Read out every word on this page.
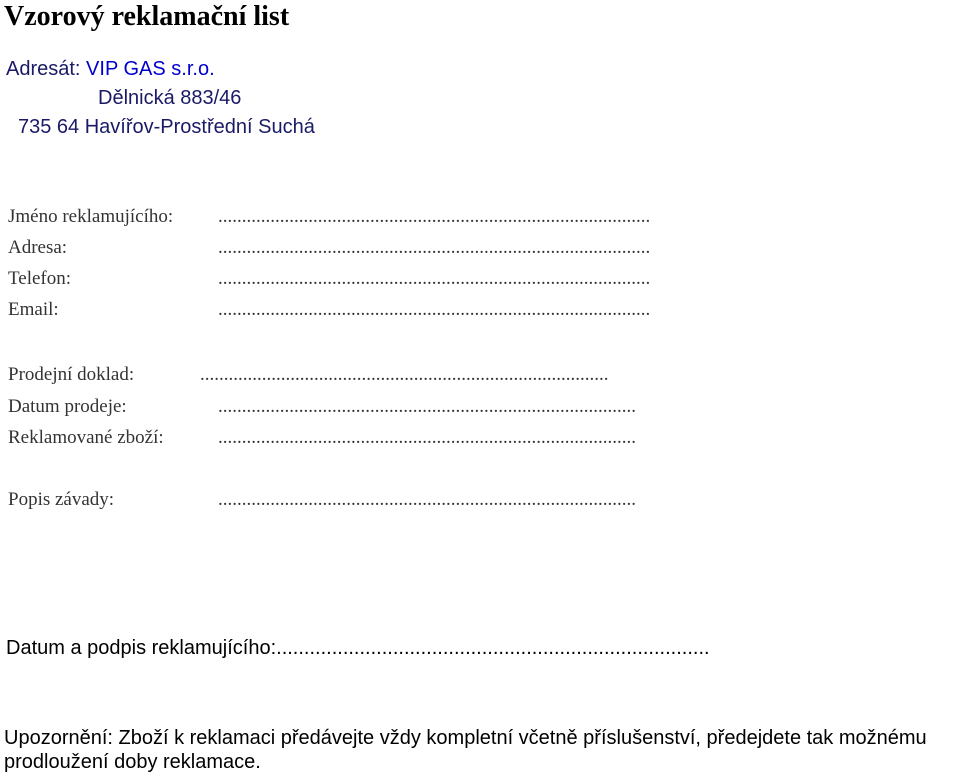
Vzorový reklamační list
Adresát: VIP GAS s.r.o.
Dělnická 883/46
735 64 Havířov-Prostřední Suchá
Jméno reklamujícího: ...........................................................................................
Adresa:	...........................................................................................
Telefon:	...........................................................................................
Email:	...........................................................................................
Prodejní doklad:	......................................................................................
Datum prodeje:	........................................................................................
Reklamované zboží:	........................................................................................
Popis závady:	........................................................................................
Datum a podpis reklamujícího:..............................................................................
Upozornění: Zboží k reklamaci předávejte vždy kompletní včetně příslušenství, předejdete tak možnému prodloužení doby reklamace.
